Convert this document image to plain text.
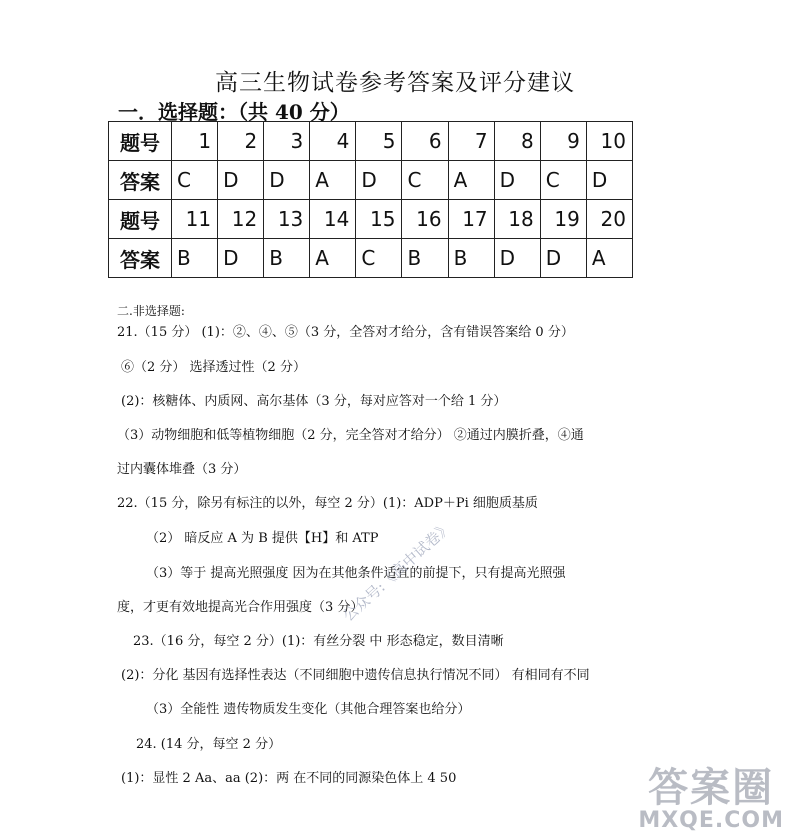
高三生物试卷参考答案及评分建议
一．选择题：（共 40 分）
题号	1	2	3	4	5	6	7	8	9	10
答案	C	D	D	A	D	C	A	D	C	D
题号	11	12	13	14	15	16	17	18	19	20
答案	B	D	B	A	C	B	B	D	D	A
二.非选择题:
21.（15 分） (1)：②、④、⑤（3 分，全答对才给分，含有错误答案给 0 分）
⑥（2 分） 选择透过性（2 分）
(2)：核糖体、内质网、高尔基体（3 分，每对应答对一个给 1 分）
（3）动物细胞和低等植物细胞（2 分，完全答对才给分） ②通过内膜折叠，④通
过内囊体堆叠（3 分）
22.（15 分，除另有标注的以外，每空 2 分）(1)：ADP＋Pi 细胞质基质
（2） 暗反应 A 为 B 提供【H】和 ATP
（3）等于 提高光照强度 因为在其他条件适宜的前提下，只有提高光照强
度，才更有效地提高光合作用强度（3 分）
23.（16 分，每空 2 分）(1)：有丝分裂 中 形态稳定，数目清晰
(2)：分化 基因有选择性表达（不同细胞中遗传信息执行情况不同） 有相同有不同
（3）全能性 遗传物质发生变化（其他合理答案也给分）
24. (14 分，每空 2 分）
(1)：显性 2 Aa、aa (2)：两 在不同的同源染色体上 4 50
公众号:《高中试卷》
答案圈
MXQE.COM
